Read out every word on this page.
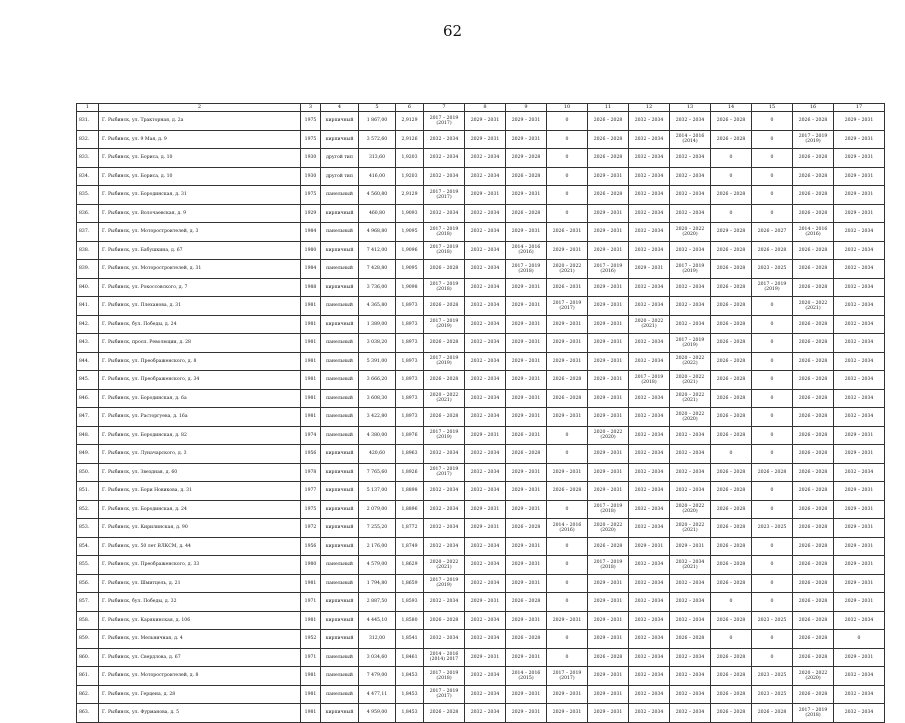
62
1	2	3	4	5	6	7	8	9	10	11	12	13	14	15	16	17
831.	Г. Рыбинск, ул. Тракторная, д. 2а	1975	кирпичный	1 867,00	2,9129	2017 – 2019 (2017)	2029 – 2031	2029 – 2031	0	2026 – 2028	2032 – 2034	2032 – 2034	2026 – 2028	0	2026 – 2028	2029 – 2031
832.	Г. Рыбинск, ул. 9 Мая, д. 9	1975	кирпичный	3 572,60	2,9126	2032 – 2034	2029 – 2031	2029 – 2031	0	2026 – 2028	2032 – 2034	2014 – 2016 (2014)	2026 – 2028	0	2017 – 2019 (2019)	2029 – 2031
833.	Г. Рыбинск, ул. Бориса, д. 10	1930	другой тип	313,60	1,9203	2032 – 2034	2032 – 2034	2029 – 2028	0	2026 – 2028	2032 – 2034	2032 – 2034	0	0	2026 – 2028	2029 – 2031
834.	Г. Рыбинск, ул. Бориса, д. 10	1930	другой тип	416,00	1,9203	2032 – 2034	2032 – 2034	2026 – 2028	0	2029 – 2031	2032 – 2034	2032 – 2034	0	0	2026 – 2028	2029 – 2031
835.	Г. Рыбинск, ул. Бородинская, д. 31	1975	панельный	4 560,80	2,9129	2017 – 2019 (2017)	2029 – 2031	2029 – 2031	0	2026 – 2028	2032 – 2034	2032 – 2034	2026 – 2028	0	2026 – 2028	2029 – 2031
836.	Г. Рыбинск, ул. Волочаевская, д. 9	1929	кирпичный	460,80	1,9093	2032 – 2034	2032 – 2034	2026 – 2028	0	2029 – 2031	2032 – 2034	2032 – 2034	0	0	2026 – 2028	2029 – 2031
837.	Г. Рыбинск, ул. Моторостроителей, д. 3	1984	панельный	4 968,80	1,9095	2017 – 2019 (2018)	2032 – 2034	2029 – 2031	2026 – 2031	2029 – 2031	2032 – 2034	2020 – 2022 (2020)	2029 – 2028	2026 – 2027	2014 – 2016 (2016)	2032 – 2034
838.	Г. Рыбинск, ул. Бабушкина, д. 67	1980	кирпичный	7 412,00	1,9096	2017 – 2019 (2018)	2032 – 2034	2014 – 2016 (2016)	2029 – 2031	2029 – 2031	2032 – 2034	2032 – 2034	2026 – 2028	2026 – 2028	2026 – 2028	2032 – 2034
839.	Г. Рыбинск, ул. Моторостроителей, д. 31	1984	панельный	7 428,80	1,9095	2026 – 2028	2032 – 2034	2017 – 2019 (2018)	2020 – 2022 (2021)	2017 – 2019 (2016)	2029 – 2031	2017 – 2019 (2019)	2026 – 2028	2023 – 2025	2026 – 2028	2032 – 2034
840.	Г. Рыбинск, ул. Рокоссовского, д. 7	1988	кирпичный	3 736,00	1,9098	2017 – 2019 (2018)	2032 – 2034	2029 – 2031	2026 – 2031	2029 – 2031	2032 – 2034	2032 – 2034	2026 – 2028	2017 – 2019 (2019)	2026 – 2028	2032 – 2034
841.	Г. Рыбинск, ул. Плеханова, д. 31	1981	панельный	4 365,80	1,8973	2026 – 2028	2032 – 2034	2029 – 2031	2017 – 2019 (2017)	2029 – 2031	2032 – 2034	2032 – 2034	2026 – 2028	0	2020 – 2022 (2021)	2032 – 2034
842.	Г. Рыбинск, бул. Победы, д. 24	1981	кирпичный	1 389,00	1,8973	2017 – 2019 (2019)	2032 – 2034	2029 – 2031	2029 – 2031	2029 – 2031	2020 – 2022 (2021)	2032 – 2034	2026 – 2028	0	2026 – 2028	2032 – 2034
843.	Г. Рыбинск, просп. Революции, д. 28	1981	панельный	3 038,20	1,8973	2026 – 2028	2032 – 2034	2029 – 2031	2029 – 2031	2029 – 2031	2032 – 2034	2017 – 2019 (2019)	2026 – 2028	0	2026 – 2028	2032 – 2034
844.	Г. Рыбинск, ул. Преображенского, д. 8	1981	панельный	5 391,00	1,8973	2017 – 2019 (2019)	2032 – 2034	2029 – 2031	2029 – 2031	2029 – 2031	2032 – 2034	2020 – 2022 (2022)	2026 – 2028	0	2026 – 2028	2032 – 2034
845.	Г. Рыбинск, ул. Преображенского, д. 34	1981	панельный	3 666,20	1,8973	2026 – 2028	2032 – 2034	2029 – 2031	2026 – 2028	2029 – 2031	2017 – 2019 (2018)	2020 – 2022 (2021)	2026 – 2028	0	2026 – 2028	2032 – 2034
846.	Г. Рыбинск, ул. Бородинская, д. 6а	1981	панельный	3 608,30	1,8973	2020 – 2022 (2021)	2032 – 2034	2029 – 2031	2026 – 2028	2029 – 2031	2032 – 2034	2020 – 2022 (2021)	2026 – 2028	0	2026 – 2028	2032 – 2034
847.	Г. Рыбинск, ул. Расторгуева, д. 16а	1981	панельный	3 422,80	1,8973	2026 – 2028	2032 – 2034	2029 – 2031	2029 – 2031	2029 – 2031	2032 – 2034	2020 – 2022 (2020)	2026 – 2028	0	2026 – 2028	2032 – 2034
848.	Г. Рыбинск, ул. Бородинская, д. 82	1974	панельный	4 380,00	1,8976	2017 – 2019 (2019)	2029 – 2031	2026 – 2031	0	2020 – 2022 (2020)	2032 – 2034	2032 – 2034	2026 – 2028	0	2026 – 2028	2029 – 2031
849.	Г. Рыбинск, ул. Луначарского, д. 3	1956	кирпичный	420,60	1,8963	2032 – 2034	2032 – 2034	2026 – 2028	0	2029 – 2031	2032 – 2034	2032 – 2034	0	0	2026 – 2028	2029 – 2031
850.	Г. Рыбинск, ул. Звездная, д. 60	1978	кирпичный	7 765,60	1,8926	2017 – 2019 (2017)	2032 – 2034	2029 – 2031	2029 – 2031	2029 – 2031	2032 – 2034	2032 – 2034	2026 – 2028	2026 – 2028	2026 – 2028	2032 – 2034
851.	Г. Рыбинск, ул. Бори Новикова, д. 31	1977	кирпичный	5 137,00	1,8898	2032 – 2034	2032 – 2034	2029 – 2031	2026 – 2028	2029 – 2031	2032 – 2034	2032 – 2034	2026 – 2028	0	2026 – 2028	2029 – 2031
852.	Г. Рыбинск, ул. Бородинская, д. 24	1975	кирпичный	2 079,00	1,8896	2032 – 2034	2029 – 2031	2029 – 2031	0	2017 – 2019 (2018)	2032 – 2034	2020 – 2022 (2020)	2026 – 2028	0	2026 – 2028	2029 – 2031
853.	Г. Рыбинск, ул. Кирилинская, д. 90	1972	кирпичный	7 255,20	1,8772	2032 – 2034	2029 – 2031	2026 – 2028	2014 – 2016 (2016)	2020 – 2022 (2020)	2032 – 2034	2020 – 2022 (2021)	2026 – 2028	2023 – 2025	2026 – 2028	2029 – 2031
854.	Г. Рыбинск, ул. 50 лет ВЛКСМ, д. 44	1956	кирпичный	2 176,00	1,8749	2032 – 2034	2032 – 2034	2029 – 2031	0	2026 – 2028	2029 – 2031	2029 – 2031	2026 – 2028	0	2026 – 2028	2029 – 2031
855.	Г. Рыбинск, ул. Преображенского, д. 33	1980	панельный	4 579,00	1,8629	2020 – 2022 (2021)	2032 – 2034	2029 – 2031	0	2017 – 2019 (2018)	2032 – 2034	2032 – 2034 (2021)	2026 – 2028	0	2026 – 2028	2029 – 2031
856.	Г. Рыбинск, ул. Шмитцель, д. 21	1981	панельный	1 794,80	1,8659	2017 – 2019 (2019)	2032 – 2034	2029 – 2031	0	2029 – 2031	2032 – 2034	2032 – 2034	2026 – 2028	0	2026 – 2028	2029 – 2031
857.	Г. Рыбинск, бул. Победы, д. 32	1971	кирпичный	2 887,50	1,8593	2032 – 2034	2029 – 2031	2026 – 2028	0	2029 – 2031	2032 – 2034	2032 – 2034	0	0	2026 – 2028	2029 – 2031
858.	Г. Рыбинск, ул. Карякинская, д. 106	1981	кирпичный	4 445,10	1,8580	2026 – 2028	2032 – 2034	2029 – 2031	2029 – 2031	2029 – 2031	2032 – 2034	2032 – 2034	2026 – 2028	2023 – 2025	2026 – 2028	2032 – 2034
859.	Г. Рыбинск, ул. Мельничная, д. 4	1952	кирпичный	312,00	1,8541	2032 – 2034	2032 – 2034	2026 – 2028	0	2029 – 2031	2032 – 2034	2026 – 2028	0	0	2026 – 2028	0
860.	Г. Рыбинск, ул. Свердлова, д. 67	1971	панельный	3 034,60	1,8461	2014 – 2016 (2014) 2017	2029 – 2031	2029 – 2031	0	2026 – 2028	2032 – 2034	2032 – 2034	2026 – 2028	0	2026 – 2028	2029 – 2031
861.	Г. Рыбинск, ул. Моторостроителей, д. 8	1981	панельный	7 479,00	1,8453	2017 – 2019 (2018)	2032 – 2034	2014 – 2016 (2015)	2017 – 2019 (2017)	2029 – 2031	2032 – 2034	2032 – 2034	2026 – 2028	2023 – 2025	2020 – 2022 (2020)	2032 – 2034
862.	Г. Рыбинск, ул. Герцена, д. 28	1981	панельный	4 477,11	1,8453	2017 – 2019 (2017)	2032 – 2034	2029 – 2031	2029 – 2031	2029 – 2031	2032 – 2034	2032 – 2034	2026 – 2028	2023 – 2025	2026 – 2028	2032 – 2034
863.	Г. Рыбинск, ул. Фурманова, д. 5	1981	кирпичный	4 959,00	1,8453	2026 – 2028	2032 – 2034	2029 – 2031	2029 – 2031	2029 – 2031	2032 – 2034	2032 – 2034	2026 – 2028	2026 – 2028	2017 – 2019 (2018)	2032 – 2034
